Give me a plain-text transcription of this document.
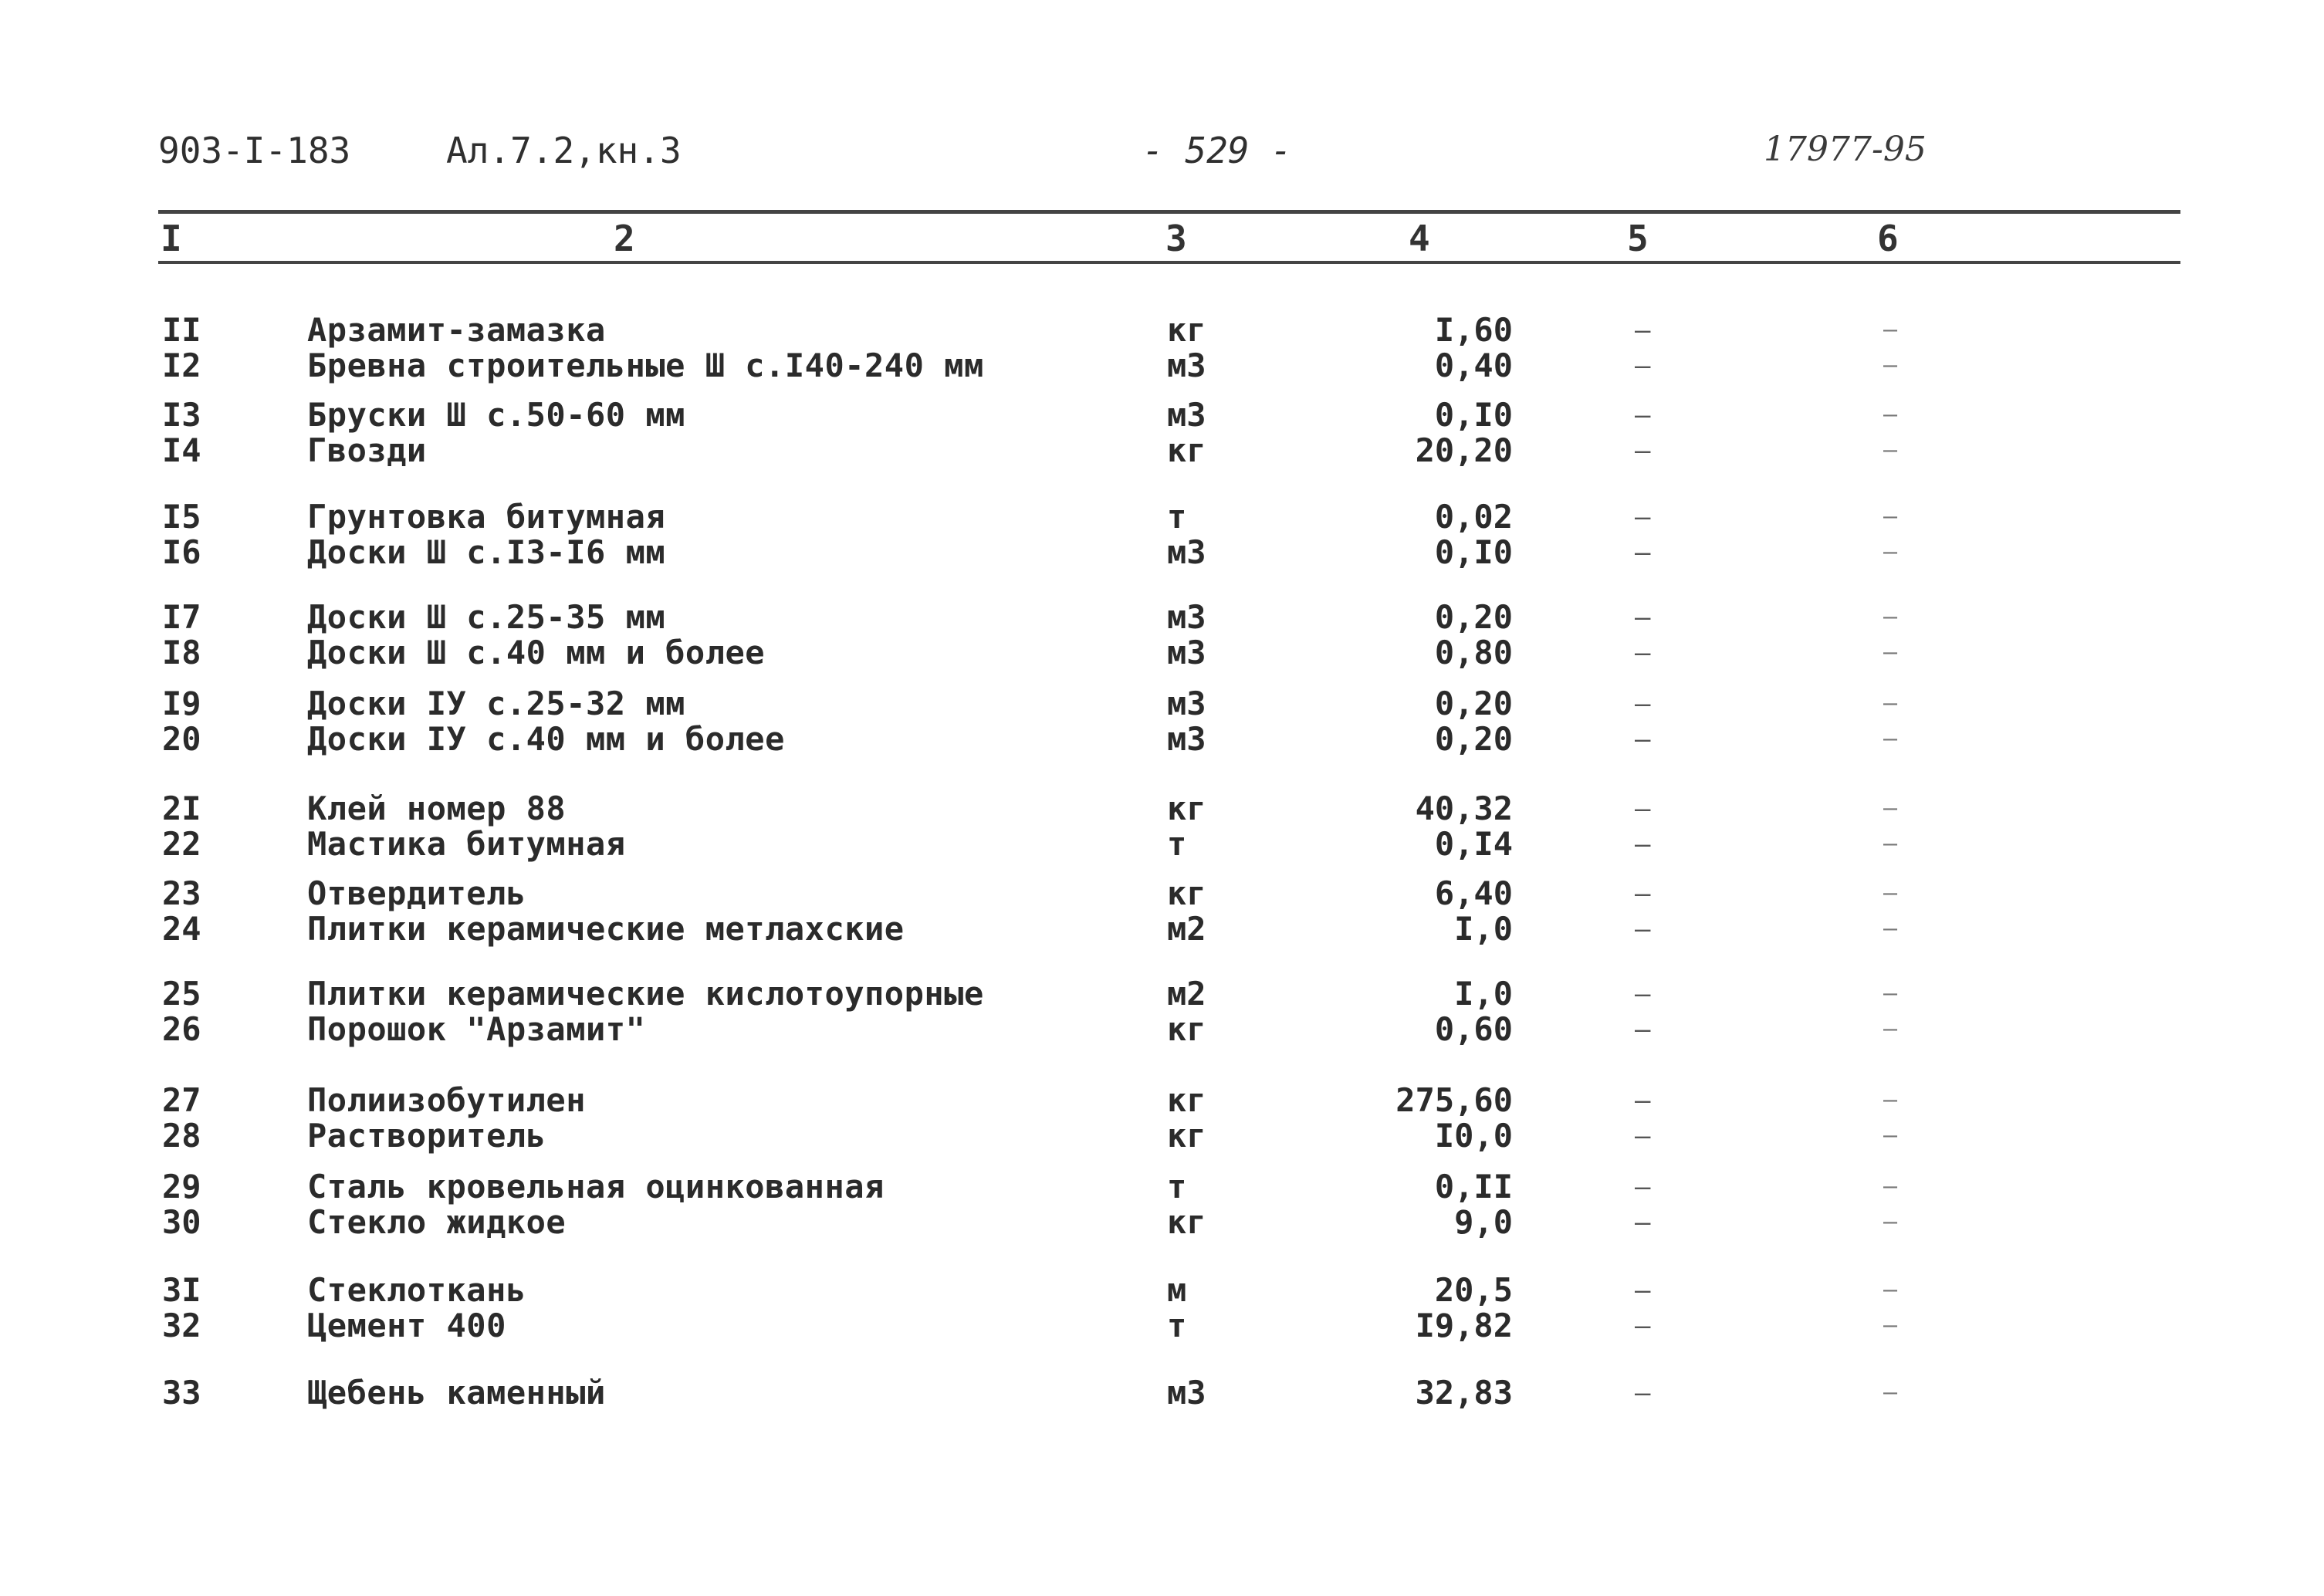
903-I-183	Ал.7.2,кн.3	- 529 -	17977-95
I	2	3	4	5	6
II	Арзамит-замазка	кг	I,60	–	–
I2	Бревна строительные Ш с.I40-240 мм	м3	0,40	–	–
I3	Бруски Ш с.50-60 мм	м3	0,I0	–	–
I4	Гвозди	кг	20,20	–	–
I5	Грунтовка битумная	т	0,02	–	–
I6	Доски Ш с.I3-I6 мм	м3	0,I0	–	–
I7	Доски Ш с.25-35 мм	м3	0,20	–	–
I8	Доски Ш с.40 мм и более	м3	0,80	–	–
I9	Доски IУ с.25-32 мм	м3	0,20	–	–
20	Доски IУ с.40 мм и более	м3	0,20	–	–
2I	Клей номер 88	кг	40,32	–	–
22	Мастика битумная	т	0,I4	–	–
23	Отвердитель	кг	6,40	–	–
24	Плитки керамические метлахские	м2	I,0	–	–
25	Плитки керамические кислотоупорные	м2	I,0	–	–
26	Порошок "Арзамит"	кг	0,60	–	–
27	Полиизобутилен	кг	275,60	–	–
28	Растворитель	кг	I0,0	–	–
29	Сталь кровельная оцинкованная	т	0,II	–	–
30	Стекло жидкое	кг	9,0	–	–
3I	Стеклоткань	м	20,5	–	–
32	Цемент 400	т	I9,82	–	–
33	Щебень каменный	м3	32,83	–	–
